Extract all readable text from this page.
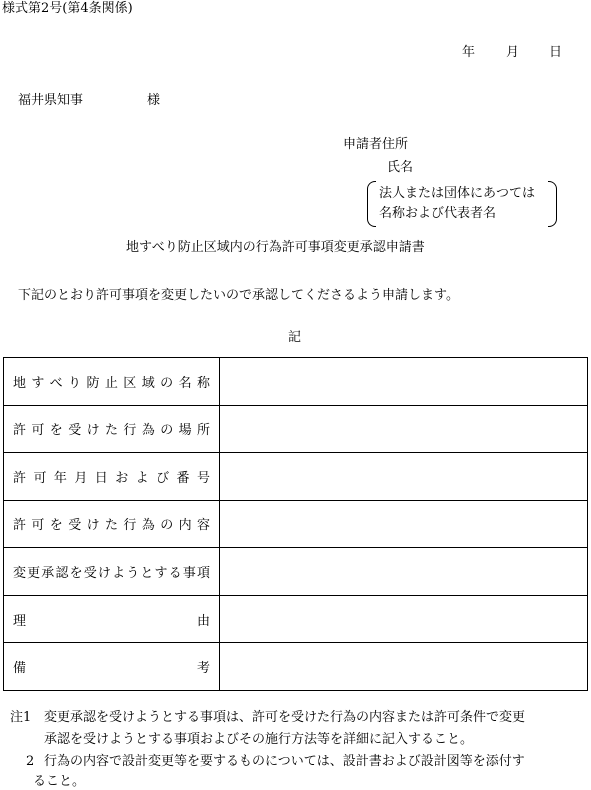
様式第2号(第4条関係)
年 月 日
福井県知事	様
申請者住所
氏名
法人または団体にあつては
名称および代表者名
地すべり防止区域内の行為許可事項変更承認申請書
下記のとおり許可事項を変更したいので承認してくださるよう申請します。
記
地すべり防止区域の名称	

許可を受けた行為の場所	

許可年月日および番号	

許可を受けた行為の内容	

変更承認を受けようとする事項	

理由	

備考	

注1 変更承認を受けようとする事項は、許可を受けた行為の内容または許可条件で変更
承認を受けようとする事項およびその施行方法等を詳細に記入すること。
2 行為の内容で設計変更等を要するものについては、設計書および設計図等を添付す
ること。
